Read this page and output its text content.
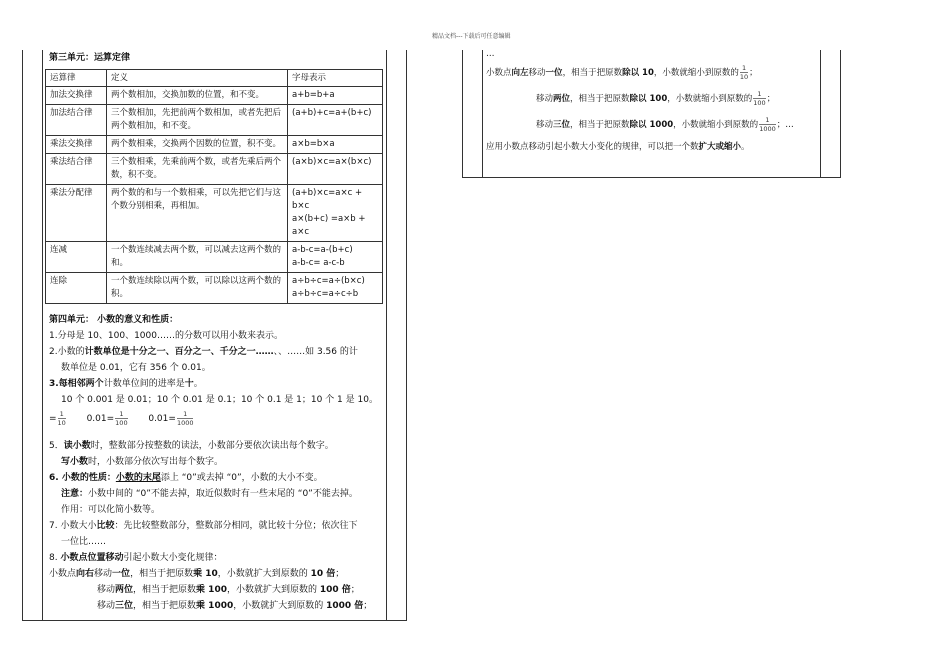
精品文档---下载后可任意编辑
第三单元：运算定律
运算律	定义	字母表示
加法交换律	两个数相加，交换加数的位置，和不变。	a+b=b+a

加法结合律	三个数相加，先把前两个数相加，或者先把后两个数相加，和不变。	(a+b)+c=a+(b+c)

乘法交换律	两个数相乘，交换两个因数的位置，积不变。	a×b=b×a

乘法结合律	三个数相乘，先乘前两个数，或者先乘后两个数，积不变。	(a×b)×c=a×(b×c)

乘法分配律	两个数的和与一个数相乘，可以先把它们与这个数分别相乘，再相加。	(a+b)×c=a×c + b×c
a×(b+c) =a×b + a×c

连减	一个数连续减去两个数，可以减去这两个数的和。	a-b-c=a-(b+c)
a-b-c= a-c-b

连除	一个数连续除以两个数，可以除以这两个数的积。	a÷b÷c=a÷(b×c)
a÷b÷c=a÷c÷b
第四单元： 小数的意义和性质：
1.分母是 10、100、1000……的分数可以用小数来表示。
2.小数的计数单位是十分之一、百分之一、千分之一……、、……如 3.56 的计
数单位是 0.01，它有 356 个 0.01。
3.每相邻两个计数单位间的进率是十。
10 个 0.001 是 0.01；10 个 0.01 是 0.1；10 个 0.1 是 1；10 个 1 是 10。
= $\frac{1}{10} 0.01= \frac{1}{100} 0.01= \frac{1}{1000}$
5．读小数时，整数部分按整数的读法，小数部分要依次读出每个数字。
写小数时，小数部分依次写出每个数字。
6. 小数的性质：小数的末尾添上 “0”或去掉 “0”，小数的大小不变。
注意：小数中间的 “0”不能去掉，取近似数时有一些末尾的 “0”不能去掉。
作用：可以化简小数等。
7. 小数大小比较：先比较整数部分，整数部分相同，就比较十分位；依次往下
一位比……
8. 小数点位置移动引起小数大小变化规律：
小数点向右移动一位，相当于把原数乘 10，小数就扩大到原数的 10 倍；
移动两位，相当于把原数乘 100，小数就扩大到原数的 100 倍；
移动三位，相当于把原数乘 1000，小数就扩大到原数的 1000 倍；
…
小数点向左移动一位，相当于把原数除以 10，小数就缩小到原数的 $\frac{1}{10}$ ；
移动两位，相当于把原数除以 100，小数就缩小到原数的 $\frac{1}{100}$ ；
移动三位，相当于把原数除以 1000，小数就缩小到原数的 $\frac{1}{1000}$ ；…
应用小数点移动引起小数大小变化的规律，可以把一个数扩大或缩小。
